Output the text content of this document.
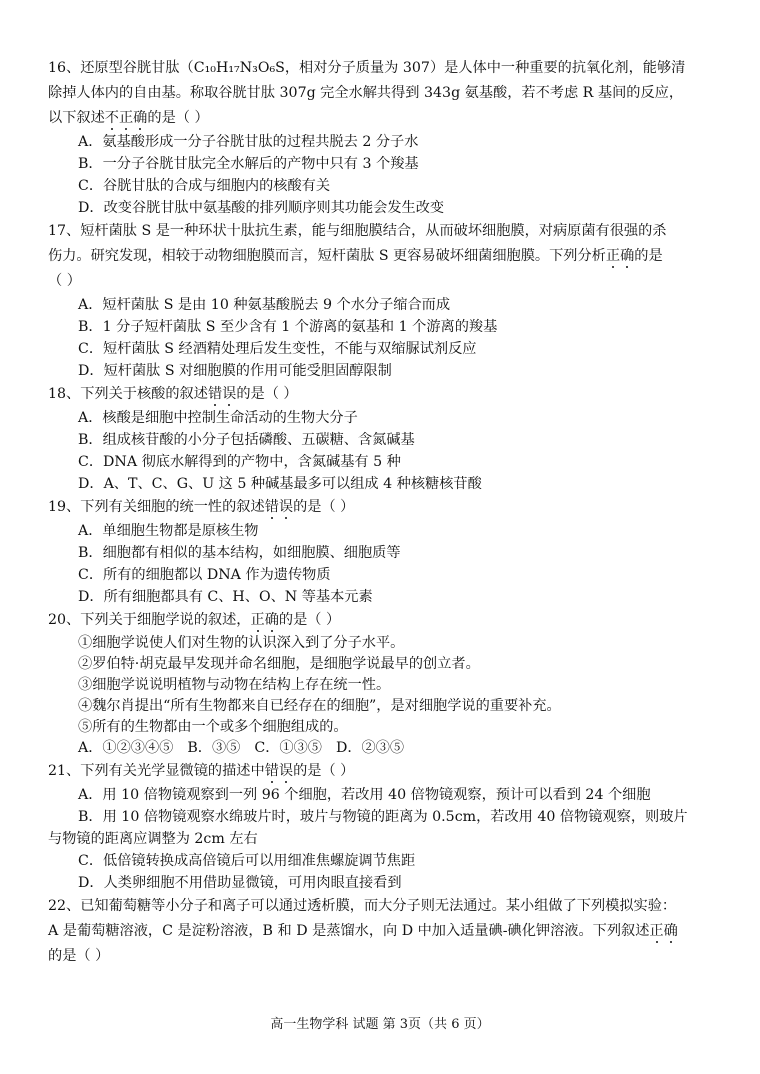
16、还原型谷胱甘肽（C₁₀H₁₇N₃O₆S，相对分子质量为 307）是人体中一种重要的抗氧化剂，能够清

除掉人体内的自由基。称取谷胱甘肽 307g 完全水解共得到 343g 氨基酸，若不考虑 R 基间的反应，

以下叙述不正确的是（ ）

A．氨基酸形成一分子谷胱甘肽的过程共脱去 2 分子水

B．一分子谷胱甘肽完全水解后的产物中只有 3 个羧基

C．谷胱甘肽的合成与细胞内的核酸有关

D．改变谷胱甘肽中氨基酸的排列顺序则其功能会发生改变

17、短杆菌肽 S 是一种环状十肽抗生素，能与细胞膜结合，从而破坏细胞膜，对病原菌有很强的杀

伤力。研究发现，相较于动物细胞膜而言，短杆菌肽 S 更容易破坏细菌细胞膜。下列分析正确的是

（ ）

A．短杆菌肽 S 是由 10 种氨基酸脱去 9 个水分子缩合而成

B．1 分子短杆菌肽 S 至少含有 1 个游离的氨基和 1 个游离的羧基

C．短杆菌肽 S 经酒精处理后发生变性，不能与双缩脲试剂反应

D．短杆菌肽 S 对细胞膜的作用可能受胆固醇限制

18、下列关于核酸的叙述错误的是（ ）

A．核酸是细胞中控制生命活动的生物大分子

B．组成核苷酸的小分子包括磷酸、五碳糖、含氮碱基

C．DNA 彻底水解得到的产物中，含氮碱基有 5 种

D．A、T、C、G、U 这 5 种碱基最多可以组成 4 种核糖核苷酸

19、下列有关细胞的统一性的叙述错误的是（ ）

A．单细胞生物都是原核生物

B．细胞都有相似的基本结构，如细胞膜、细胞质等

C．所有的细胞都以 DNA 作为遗传物质

D．所有细胞都具有 C、H、O、N 等基本元素

20、下列关于细胞学说的叙述，正确的是（ ）

①细胞学说使人们对生物的认识深入到了分子水平。

②罗伯特·胡克最早发现并命名细胞，是细胞学说最早的创立者。

③细胞学说说明植物与动物在结构上存在统一性。

④魏尔肖提出“所有生物都来自已经存在的细胞”，是对细胞学说的重要补充。

⑤所有的生物都由一个或多个细胞组成的。

A．①②③④⑤ B．③⑤ C．①③⑤ D．②③⑤

21、下列有关光学显微镜的描述中错误的是（ ）

A．用 10 倍物镜观察到一列 96 个细胞，若改用 40 倍物镜观察，预计可以看到 24 个细胞

B．用 10 倍物镜观察水绵玻片时，玻片与物镜的距离为 0.5cm，若改用 40 倍物镜观察，则玻片

与物镜的距离应调整为 2cm 左右

C．低倍镜转换成高倍镜后可以用细准焦螺旋调节焦距

D．人类卵细胞不用借助显微镜，可用肉眼直接看到

22、已知葡萄糖等小分子和离子可以通过透析膜，而大分子则无法通过。某小组做了下列模拟实验：

A 是葡萄糖溶液，C 是淀粉溶液，B 和 D 是蒸馏水，向 D 中加入适量碘-碘化钾溶液。下列叙述正确

的是（ ）

高一生物学科 试题 第 3页（共 6 页）
